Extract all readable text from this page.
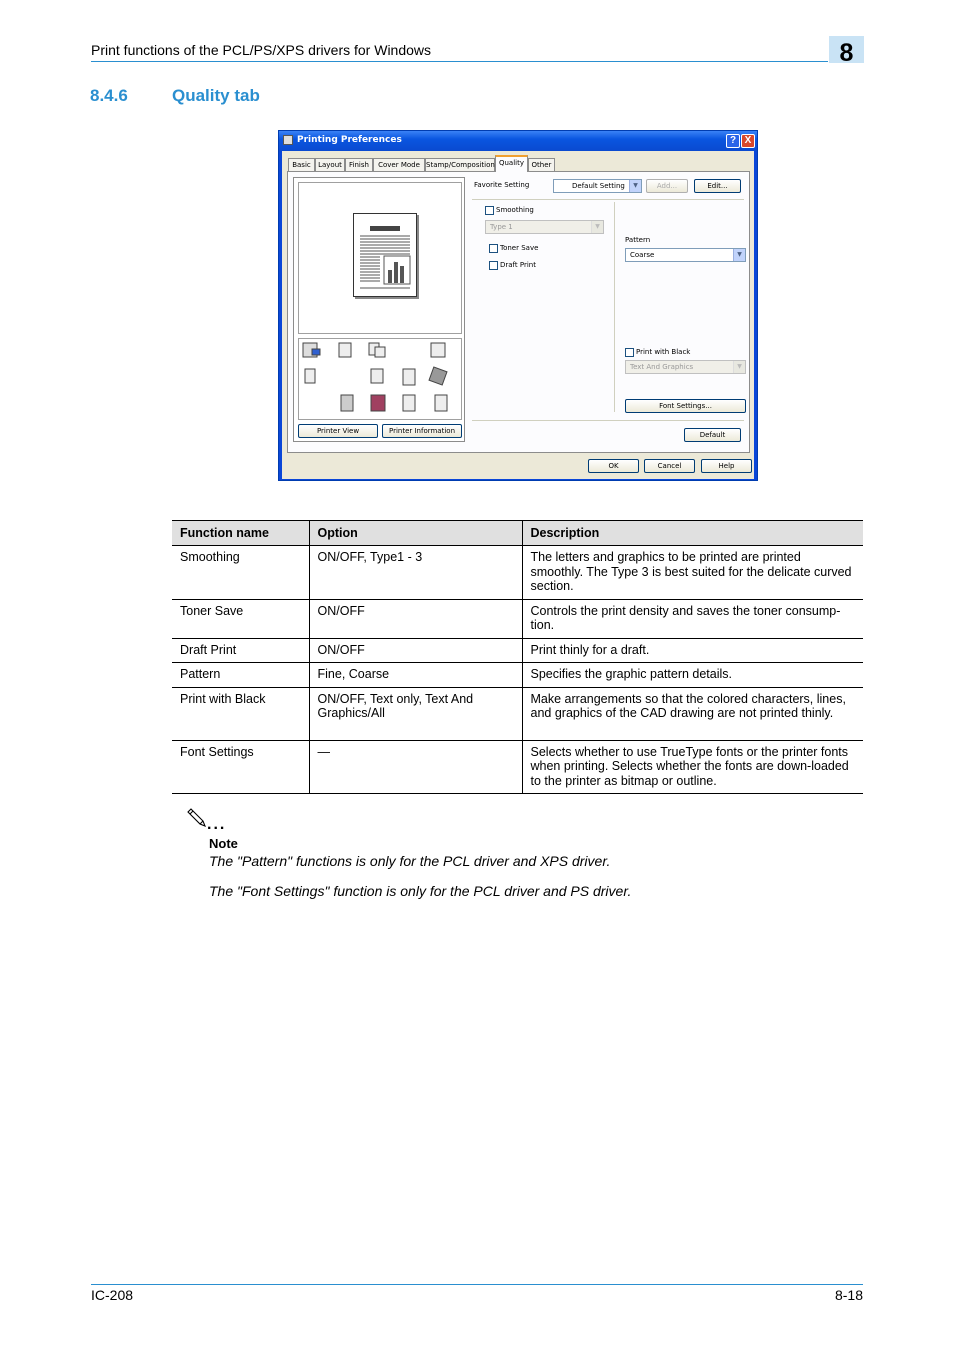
Print functions of the PCL/PS/XPS drivers for Windows	8
8.4.6	Quality tab
Printing Preferences	? X
Basic	Layout	Finish	Cover Mode Stamp/Composition Quality	Other
Printer View	Printer Information
Favorite Setting	Default Setting	▼	Add...	Edit...
Smoothing
Type 1	▼
Toner Save
Draft Print
Pattern
Coarse	▼
Print with Black
Text And Graphics	▼
Font Settings...
Default
OK	Cancel	Help
Function name	Option	Description
Smoothing	ON/OFF, Type1 - 3	The letters and graphics to be printed are printed smoothly. The Type 3 is best suited for the delicate curved section.
Toner Save	ON/OFF	Controls the print density and saves the toner consump-tion.
Draft Print	ON/OFF	Print thinly for a draft.
Pattern	Fine, Coarse	Specifies the graphic pattern details.
Print with Black	ON/OFF, Text only, Text And Graphics/All	Make arrangements so that the colored characters, lines, and graphics of the CAD drawing are not printed thinly.
Font Settings	—	Selects whether to use TrueType fonts or the printer fonts when printing. Selects whether the fonts are down-loaded to the printer as bitmap or outline.
...
Note
The "Pattern" functions is only for the PCL driver and XPS driver.
The "Font Settings" function is only for the PCL driver and PS driver.
IC-208	8-18
